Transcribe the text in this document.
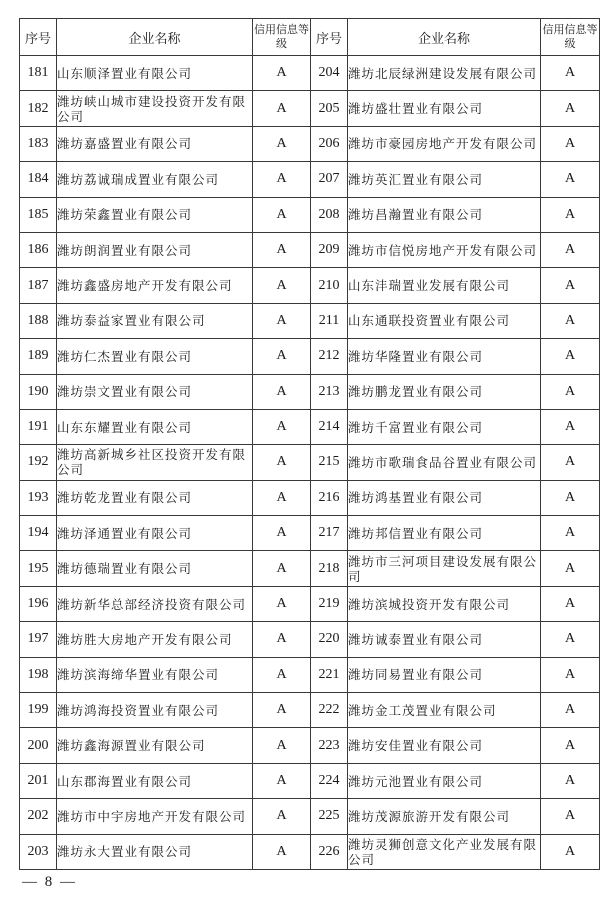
序号	企业名称	信用信息等级	序号	企业名称	信用信息等级
181	山东顺泽置业有限公司	A	204	潍坊北辰绿洲建设发展有限公司	A
182	潍坊峡山城市建设投资开发有限公司	A	205	潍坊盛壮置业有限公司	A
183	潍坊嘉盛置业有限公司	A	206	潍坊市豪园房地产开发有限公司	A
184	潍坊荔诚瑞成置业有限公司	A	207	潍坊英汇置业有限公司	A
185	潍坊荣鑫置业有限公司	A	208	潍坊昌瀚置业有限公司	A
186	潍坊朗润置业有限公司	A	209	潍坊市信悦房地产开发有限公司	A
187	潍坊鑫盛房地产开发有限公司	A	210	山东沣瑞置业发展有限公司	A
188	潍坊泰益家置业有限公司	A	211	山东通联投资置业有限公司	A
189	潍坊仁杰置业有限公司	A	212	潍坊华隆置业有限公司	A
190	潍坊崇文置业有限公司	A	213	潍坊鹏龙置业有限公司	A
191	山东东耀置业有限公司	A	214	潍坊千富置业有限公司	A
192	潍坊高新城乡社区投资开发有限公司	A	215	潍坊市歌瑞食品谷置业有限公司	A
193	潍坊乾龙置业有限公司	A	216	潍坊鸿基置业有限公司	A
194	潍坊泽通置业有限公司	A	217	潍坊邦信置业有限公司	A
195	潍坊德瑞置业有限公司	A	218	潍坊市三河项目建设发展有限公司	A
196	潍坊新华总部经济投资有限公司	A	219	潍坊滨城投资开发有限公司	A
197	潍坊胜大房地产开发有限公司	A	220	潍坊诚泰置业有限公司	A
198	潍坊滨海缔华置业有限公司	A	221	潍坊同易置业有限公司	A
199	潍坊鸿海投资置业有限公司	A	222	潍坊金工茂置业有限公司	A
200	潍坊鑫海源置业有限公司	A	223	潍坊安佳置业有限公司	A
201	山东郡海置业有限公司	A	224	潍坊元池置业有限公司	A
202	潍坊市中宇房地产开发有限公司	A	225	潍坊茂源旅游开发有限公司	A
203	潍坊永大置业有限公司	A	226	潍坊灵狮创意文化产业发展有限公司	A
— 8 —
